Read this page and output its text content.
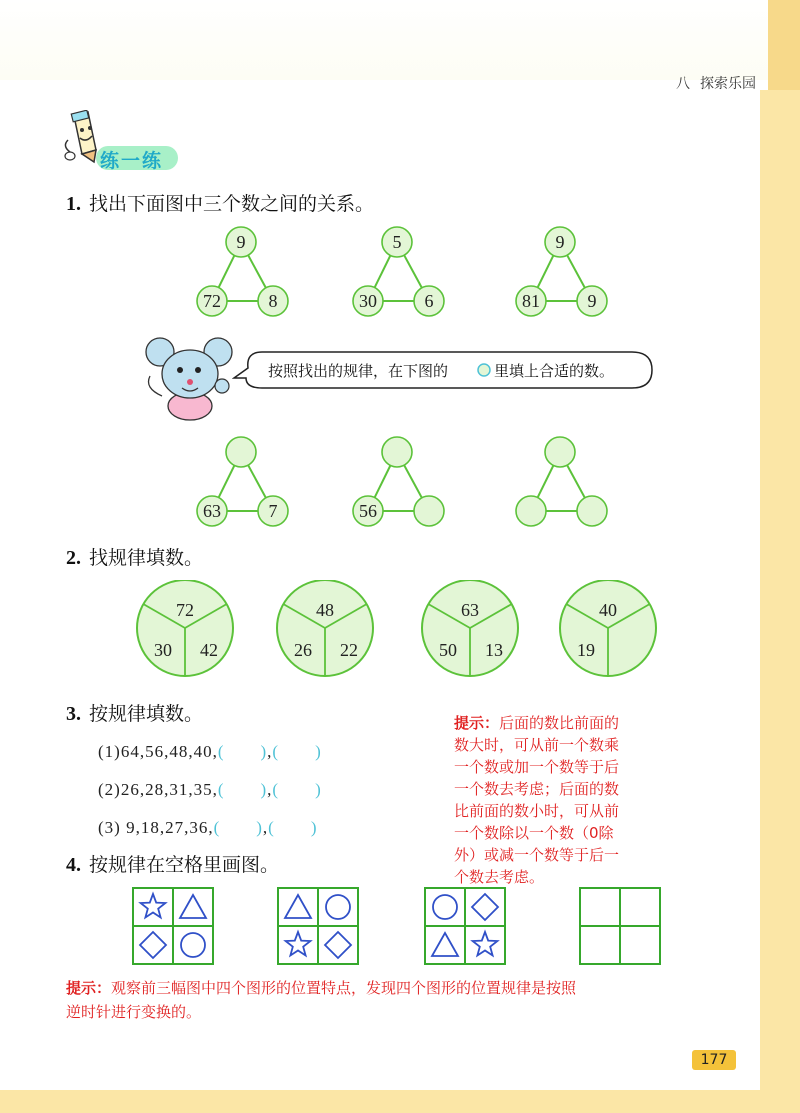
八 探索乐园
练一练
1. 找出下面图中三个数之间的关系。
9
72	8
5
30	6
9
81	9
63	7	56
按照找出的规律，在下图的	里填上合适的数。
2. 找规律填数。
72
30 42
48
26 22
63
50 13
40
19
3. 按规律填数。
(1)64,56,48,40,(　　),(　　)
(2)26,28,31,35,(　　),(　　)
(3) 9,18,27,36,(　　),(　　)
提示：后面的数比前面的
数大时，可从前一个数乘
一个数或加一个数等于后
一个数去考虑；后面的数
比前面的数小时，可从前
一个数除以一个数（0除
外）或减一个数等于后一
个数去考虑。
4. 按规律在空格里画图。
提示：观察前三幅图中四个图形的位置特点，发现四个图形的位置规律是按照
逆时针进行变换的。
177
